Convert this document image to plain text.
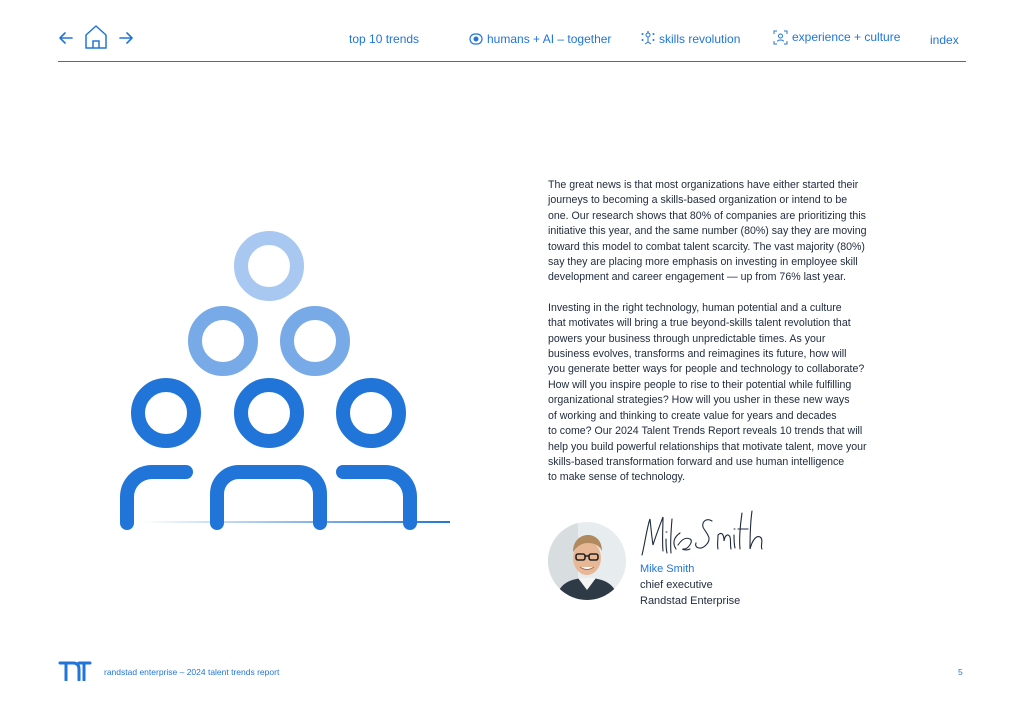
top 10 trends	humans + AI – together	skills revolution	experience + culture index

The great news is that most organizations have either started their
journeys to becoming a skills-based organization or intend to be
one. Our research shows that 80% of companies are prioritizing this
initiative this year, and the same number (80%) say they are moving
toward this model to combat talent scarcity. The vast majority (80%)
say they are placing more emphasis on investing in employee skill
development and career engagement — up from 76% last year.

Investing in the right technology, human potential and a culture
that motivates will bring a true beyond-skills talent revolution that
powers your business through unpredictable times. As your
business evolves, transforms and reimagines its future, how will
you generate better ways for people and technology to collaborate?
How will you inspire people to rise to their potential while fulfilling
organizational strategies? How will you usher in these new ways
of working and thinking to create value for years and decades
to come? Our 2024 Talent Trends Report reveals 10 trends that will
help you build powerful relationships that motivate talent, move your
skills-based transformation forward and use human intelligence
to make sense of technology.

Mike Smith
chief executive
Randstad Enterprise
randstad enterprise – 2024 talent trends report	5
